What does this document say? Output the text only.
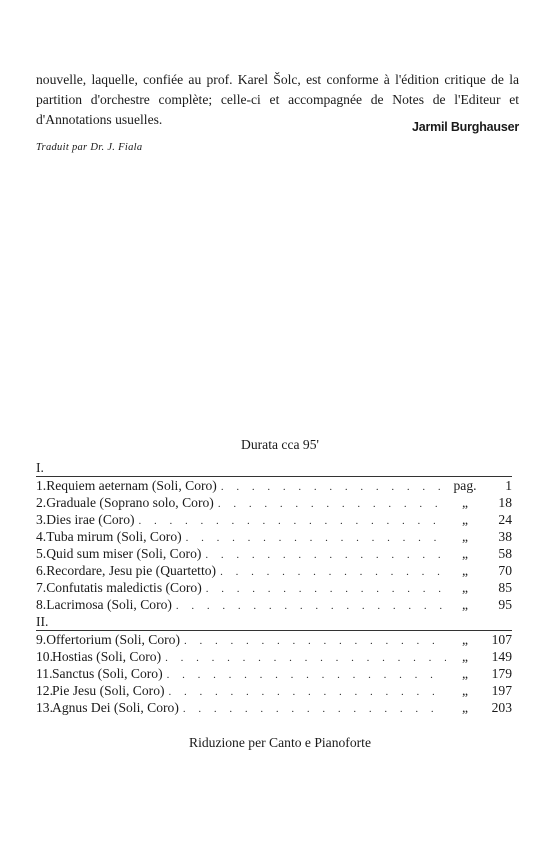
nouvelle, laquelle, confiée au prof. Karel Šolc, est conforme à l'édition critique de la partition d'orchestre complète; celle-ci et accompagnée de Notes de l'Editeur et d'Annotations usuelles.	Jarmil Burghauser
Traduit par Dr. J. Fiala
Durata cca 95'
I.
1. Requiem aeternam (Soli, Coro) . . .	pag.	1
2. Graduale (Soprano solo, Coro) . . .	„	18
3. Dies irae (Coro) . . .	„	24
4. Tuba mirum (Soli, Coro) . . .	„	38
5. Quid sum miser (Soli, Coro) . . .	„	58
6. Recordare, Jesu pie (Quartetto) . . .	„	70
7. Confutatis maledictis (Coro) . . .	„	85
8. Lacrimosa (Soli, Coro) . . .	„	95
II.
9. Offertorium (Soli, Coro) . . .	„	107
10. Hostias (Soli, Coro) . . .	„	149
11. Sanctus (Soli, Coro) . . .	„	179
12. Pie Jesu (Soli, Coro) . . .	„	197
13. Agnus Dei (Soli, Coro) . . .	„	203
Riduzione per Canto e Pianoforte
